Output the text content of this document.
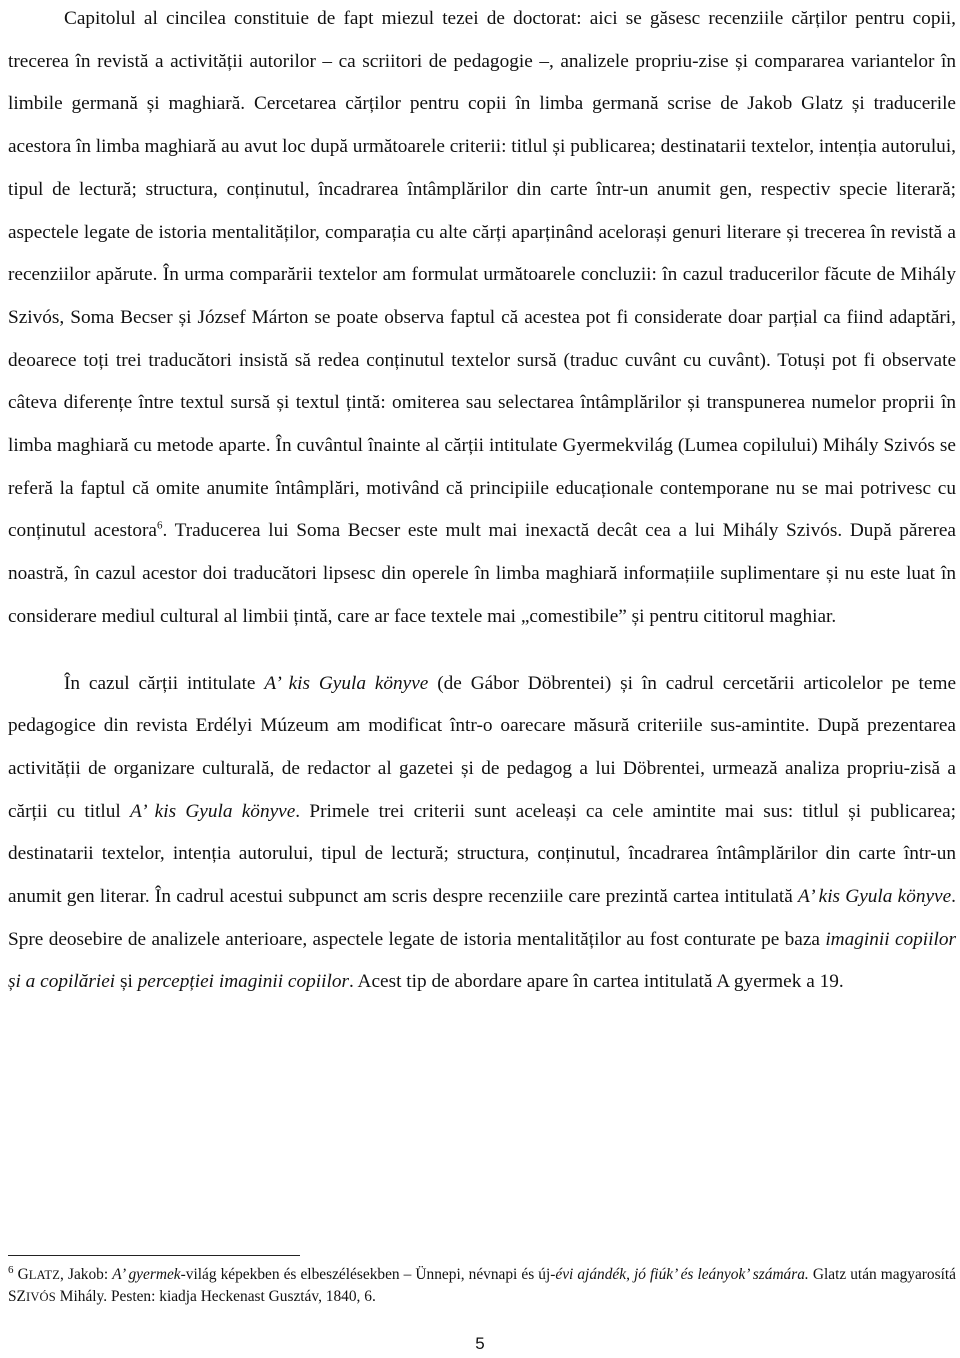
Capitolul al cincilea constituie de fapt miezul tezei de doctorat: aici se găsesc recenziile cărților pentru copii, trecerea în revistă a activității autorilor – ca scriitori de pedagogie –, analizele propriu-zise și compararea variantelor în limbile germană și maghiară. Cercetarea cărților pentru copii în limba germană scrise de Jakob Glatz și traducerile acestora în limba maghiară au avut loc după următoarele criterii: titlul și publicarea; destinatarii textelor, intenția autorului, tipul de lectură; structura, conținutul, încadrarea întâmplărilor din carte într-un anumit gen, respectiv specie literară; aspectele legate de istoria mentalităților, comparația cu alte cărți aparținând acelorași genuri literare și trecerea în revistă a recenziilor apărute. În urma comparării textelor am formulat următoarele concluzii: în cazul traducerilor făcute de Mihály Szivós, Soma Becser și József Márton se poate observa faptul că acestea pot fi considerate doar parțial ca fiind adaptări, deoarece toți trei traducători insistă să redea conținutul textelor sursă (traduc cuvânt cu cuvânt). Totuși pot fi observate câteva diferențe între textul sursă și textul țintă: omiterea sau selectarea întâmplărilor și transpunerea numelor proprii în limba maghiară cu metode aparte. În cuvântul înainte al cărții intitulate Gyermekvilág (Lumea copilului) Mihály Szivós se referă la faptul că omite anumite întâmplări, motivând că principiile educaționale contemporane nu se mai potrivesc cu conținutul acestora$^6$. Traducerea lui Soma Becser este mult mai inexactă decât cea a lui Mihály Szivós. După părerea noastră, în cazul acestor doi traducători lipsesc din operele în limba maghiară informațiile suplimentare și nu este luat în considerare mediul cultural al limbii țintă, care ar face textele mai „comestibile” și pentru cititorul maghiar.

În cazul cărții intitulate A’ kis Gyula könyve (de Gábor Döbrentei) și în cadrul cercetării articolelor pe teme pedagogice din revista Erdélyi Múzeum am modificat într-o oarecare măsură criteriile sus-amintite. După prezentarea activității de organizare culturală, de redactor al gazetei și de pedagog a lui Döbrentei, urmează analiza propriu-zisă a cărții cu titlul A’ kis Gyula könyve. Primele trei criterii sunt aceleași ca cele amintite mai sus: titlul și publicarea; destinatarii textelor, intenția autorului, tipul de lectură; structura, conținutul, încadrarea întâmplărilor din carte într-un anumit gen literar. În cadrul acestui subpunct am scris despre recenziile care prezintă cartea intitulată A’ kis Gyula könyve. Spre deosebire de analizele anterioare, aspectele legate de istoria mentalităților au fost conturate pe baza imaginii copiilor și a copilăriei și percepției imaginii copiilor. Acest tip de abordare apare în cartea intitulată A gyermek a 19.

$^6$ GLATZ, Jakob: A’ gyermek-világ képekben és elbeszélésekben – Ünnepi, névnapi és új-évi ajándék, jó fiúk’ és leányok’ számára. Glatz után magyarosítá SZIVÓS Mihály. Pesten: kiadja Heckenast Gusztáv, 1840, 6.

5
